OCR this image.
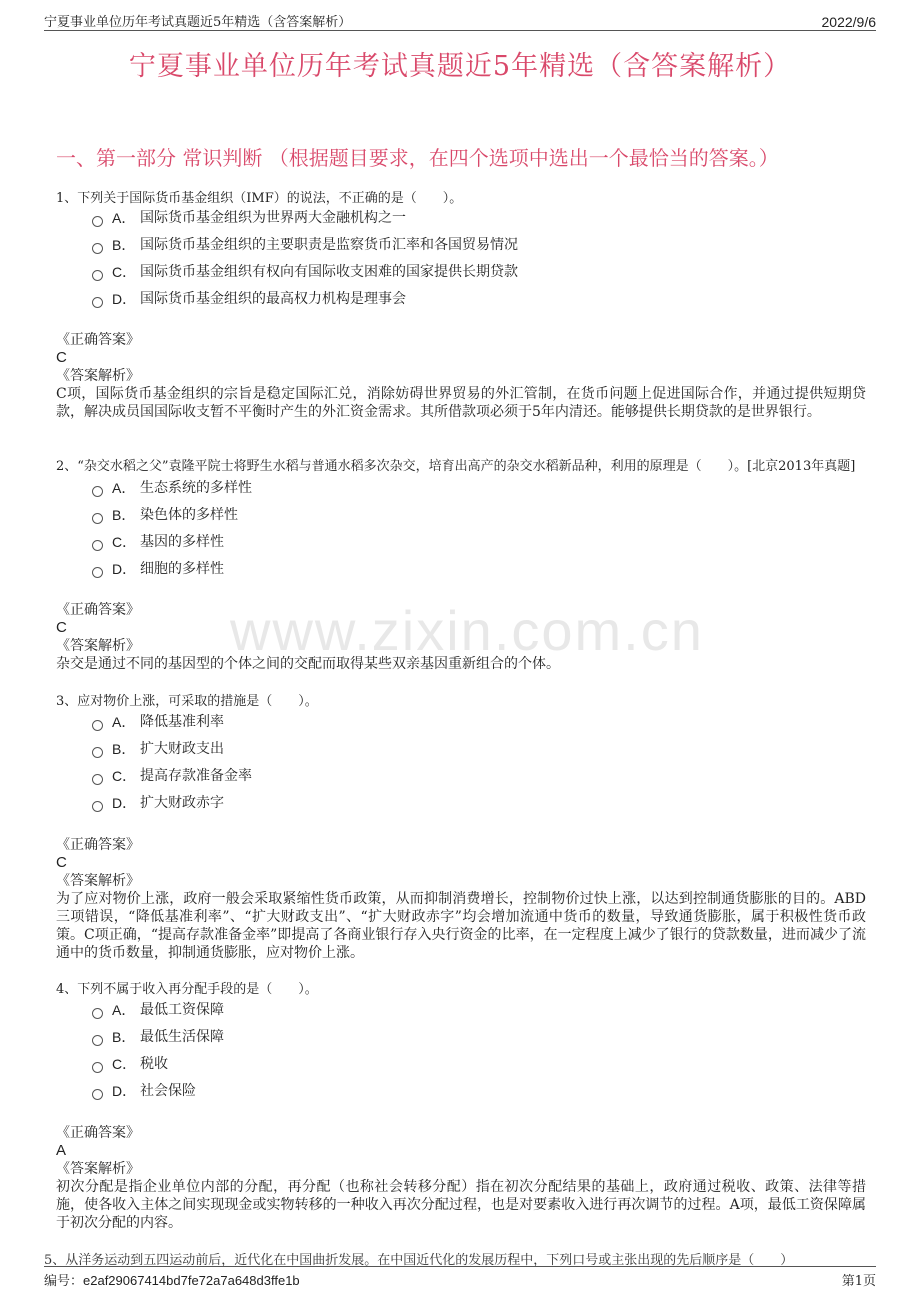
宁夏事业单位历年考试真题近5年精选（含答案解析）	2022/9/6
宁夏事业单位历年考试真题近5年精选（含答案解析）
一、第一部分 常识判断 （根据题目要求，在四个选项中选出一个最恰当的答案。）
www.zixin.com.cn
1、下列关于国际货币基金组织（IMF）的说法，不正确的是（　　）。
A． 国际货币基金组织为世界两大金融机构之一
B． 国际货币基金组织的主要职责是监察货币汇率和各国贸易情况
C． 国际货币基金组织有权向有国际收支困难的国家提供长期贷款
D． 国际货币基金组织的最高权力机构是理事会
《正确答案》
C
《答案解析》
C项，国际货币基金组织的宗旨是稳定国际汇兑，消除妨碍世界贸易的外汇管制，在货币问题上促进国际合作，并通过提供短期贷款，解决成员国国际收支暂不平衡时产生的外汇资金需求。其所借款项必须于5年内清还。能够提供长期贷款的是世界银行。
2、“杂交水稻之父”袁隆平院士将野生水稻与普通水稻多次杂交，培育出高产的杂交水稻新品种，利用的原理是（　　）。[北京2013年真题]
A． 生态系统的多样性
B． 染色体的多样性
C． 基因的多样性
D． 细胞的多样性
《正确答案》
C
《答案解析》
杂交是通过不同的基因型的个体之间的交配而取得某些双亲基因重新组合的个体。
3、应对物价上涨，可采取的措施是（　　）。
A． 降低基准利率
B． 扩大财政支出
C． 提高存款准备金率
D． 扩大财政赤字
《正确答案》
C
《答案解析》
为了应对物价上涨，政府一般会采取紧缩性货币政策，从而抑制消费增长，控制物价过快上涨，以达到控制通货膨胀的目的。ABD三项错误，“降低基准利率”、“扩大财政支出”、“扩大财政赤字”均会增加流通中货币的数量，导致通货膨胀，属于积极性货币政策。C项正确，“提高存款准备金率”即提高了各商业银行存入央行资金的比率，在一定程度上减少了银行的贷款数量，进而减少了流通中的货币数量，抑制通货膨胀，应对物价上涨。
4、下列不属于收入再分配手段的是（　　）。
A． 最低工资保障
B． 最低生活保障
C． 税收
D． 社会保险
《正确答案》
A
《答案解析》
初次分配是指企业单位内部的分配，再分配（也称社会转移分配）指在初次分配结果的基础上，政府通过税收、政策、法律等措施，使各收入主体之间实现现金或实物转移的一种收入再次分配过程，也是对要素收入进行再次调节的过程。A项，最低工资保障属于初次分配的内容。
5、从洋务运动到五四运动前后，近代化在中国曲折发展。在中国近代化的发展历程中，下列口号或主张出现的先后顺序是（　　）
编号：e2af29067414bd7fe72a7a648d3ffe1b	第1页
